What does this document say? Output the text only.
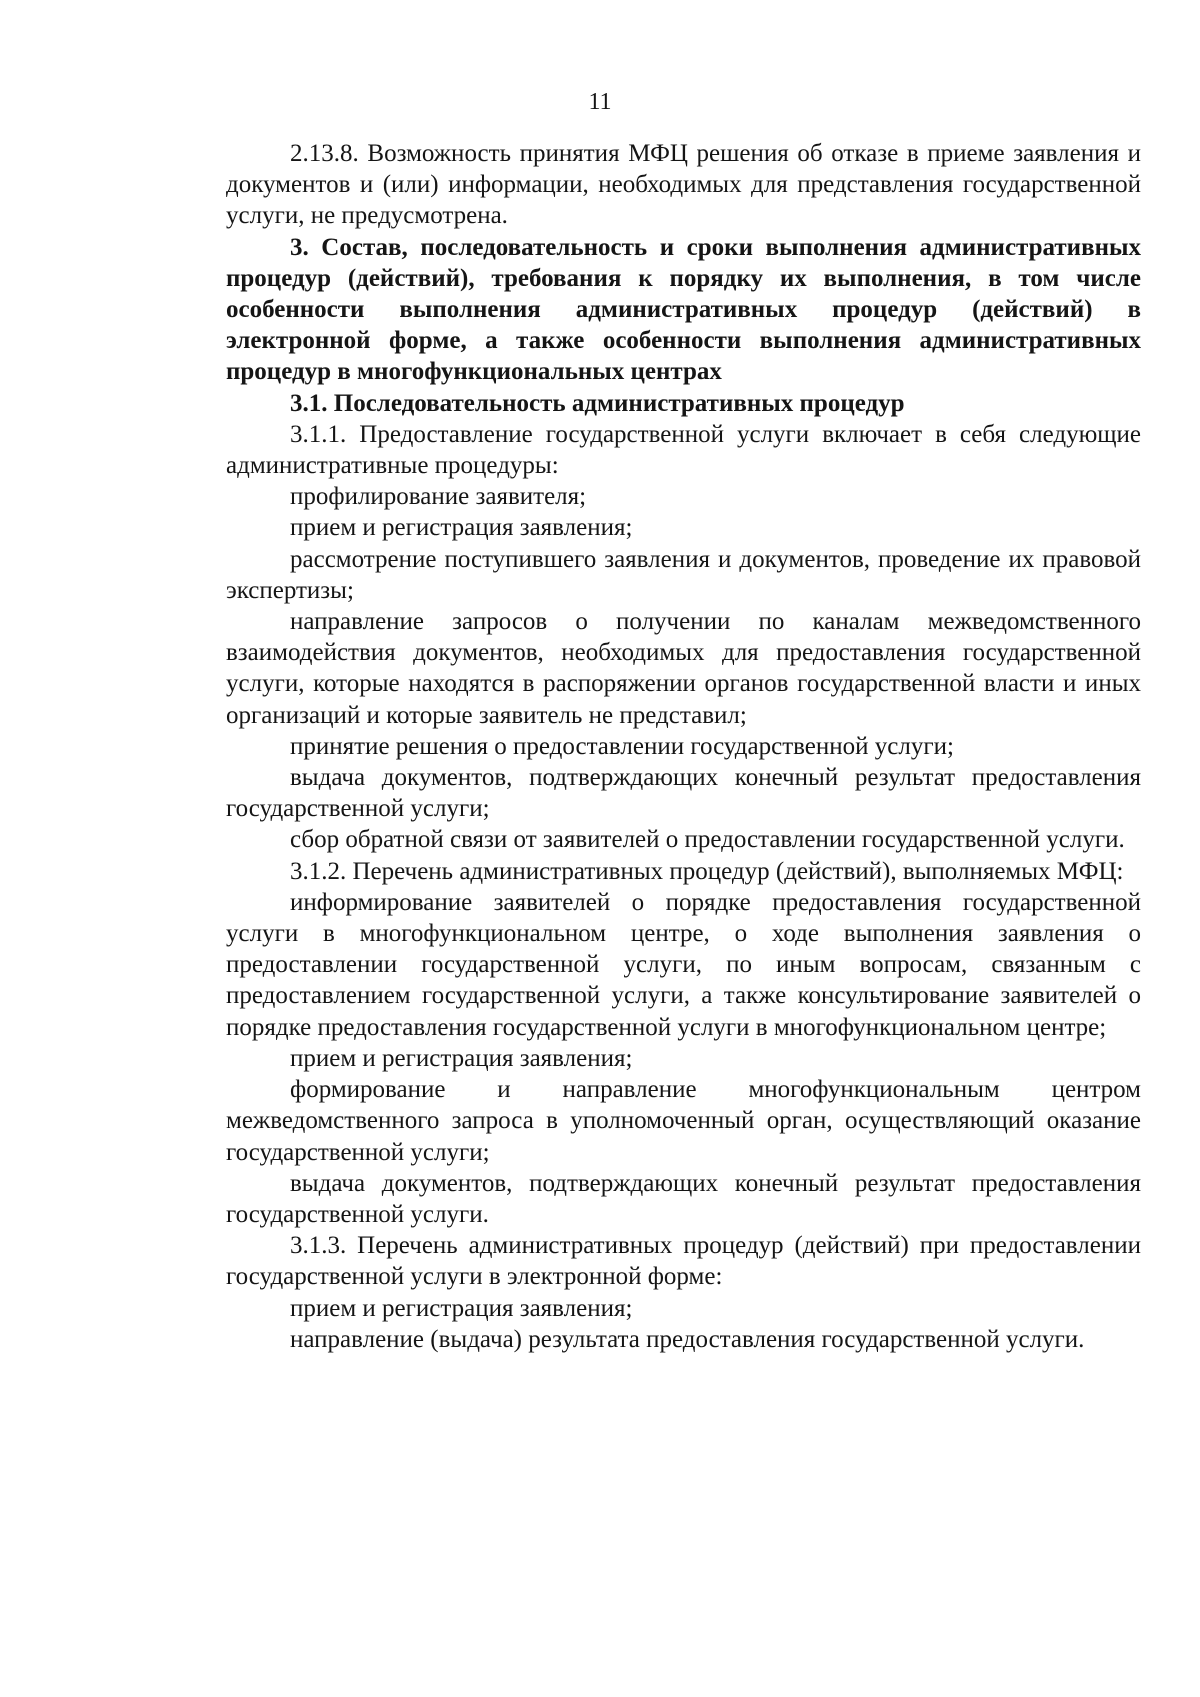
11

2.13.8. Возможность принятия МФЦ решения об отказе в приеме заявления и документов и (или) информации, необходимых для представления государственной услуги, не предусмотрена.

3. Состав, последовательность и сроки выполнения административных процедур (действий), требования к порядку их выполнения, в том числе особенности выполнения административных процедур (действий) в электронной форме, а также особенности выполнения административных процедур в многофункциональных центрах

3.1. Последовательность административных процедур

3.1.1. Предоставление государственной услуги включает в себя следующие административные процедуры:

профилирование заявителя;

прием и регистрация заявления;

рассмотрение поступившего заявления и документов, проведение их правовой экспертизы;

направление запросов о получении по каналам межведомственного взаимодействия документов, необходимых для предоставления государственной услуги, которые находятся в распоряжении органов государственной власти и иных организаций и которые заявитель не представил;

принятие решения о предоставлении государственной услуги;

выдача документов, подтверждающих конечный результат предоставления государственной услуги;

сбор обратной связи от заявителей о предоставлении государственной услуги.

3.1.2. Перечень административных процедур (действий), выполняемых МФЦ:

информирование заявителей о порядке предоставления государственной услуги в многофункциональном центре, о ходе выполнения заявления о предоставлении государственной услуги, по иным вопросам, связанным с предоставлением государственной услуги, а также консультирование заявителей о порядке предоставления государственной услуги в многофункциональном центре;

прием и регистрация заявления;

формирование и направление многофункциональным центром межведомственного запроса в уполномоченный орган, осуществляющий оказание государственной услуги;

выдача документов, подтверждающих конечный результат предоставления государственной услуги.

3.1.3. Перечень административных процедур (действий) при предоставлении государственной услуги в электронной форме:

прием и регистрация заявления;

направление (выдача) результата предоставления государственной услуги.
